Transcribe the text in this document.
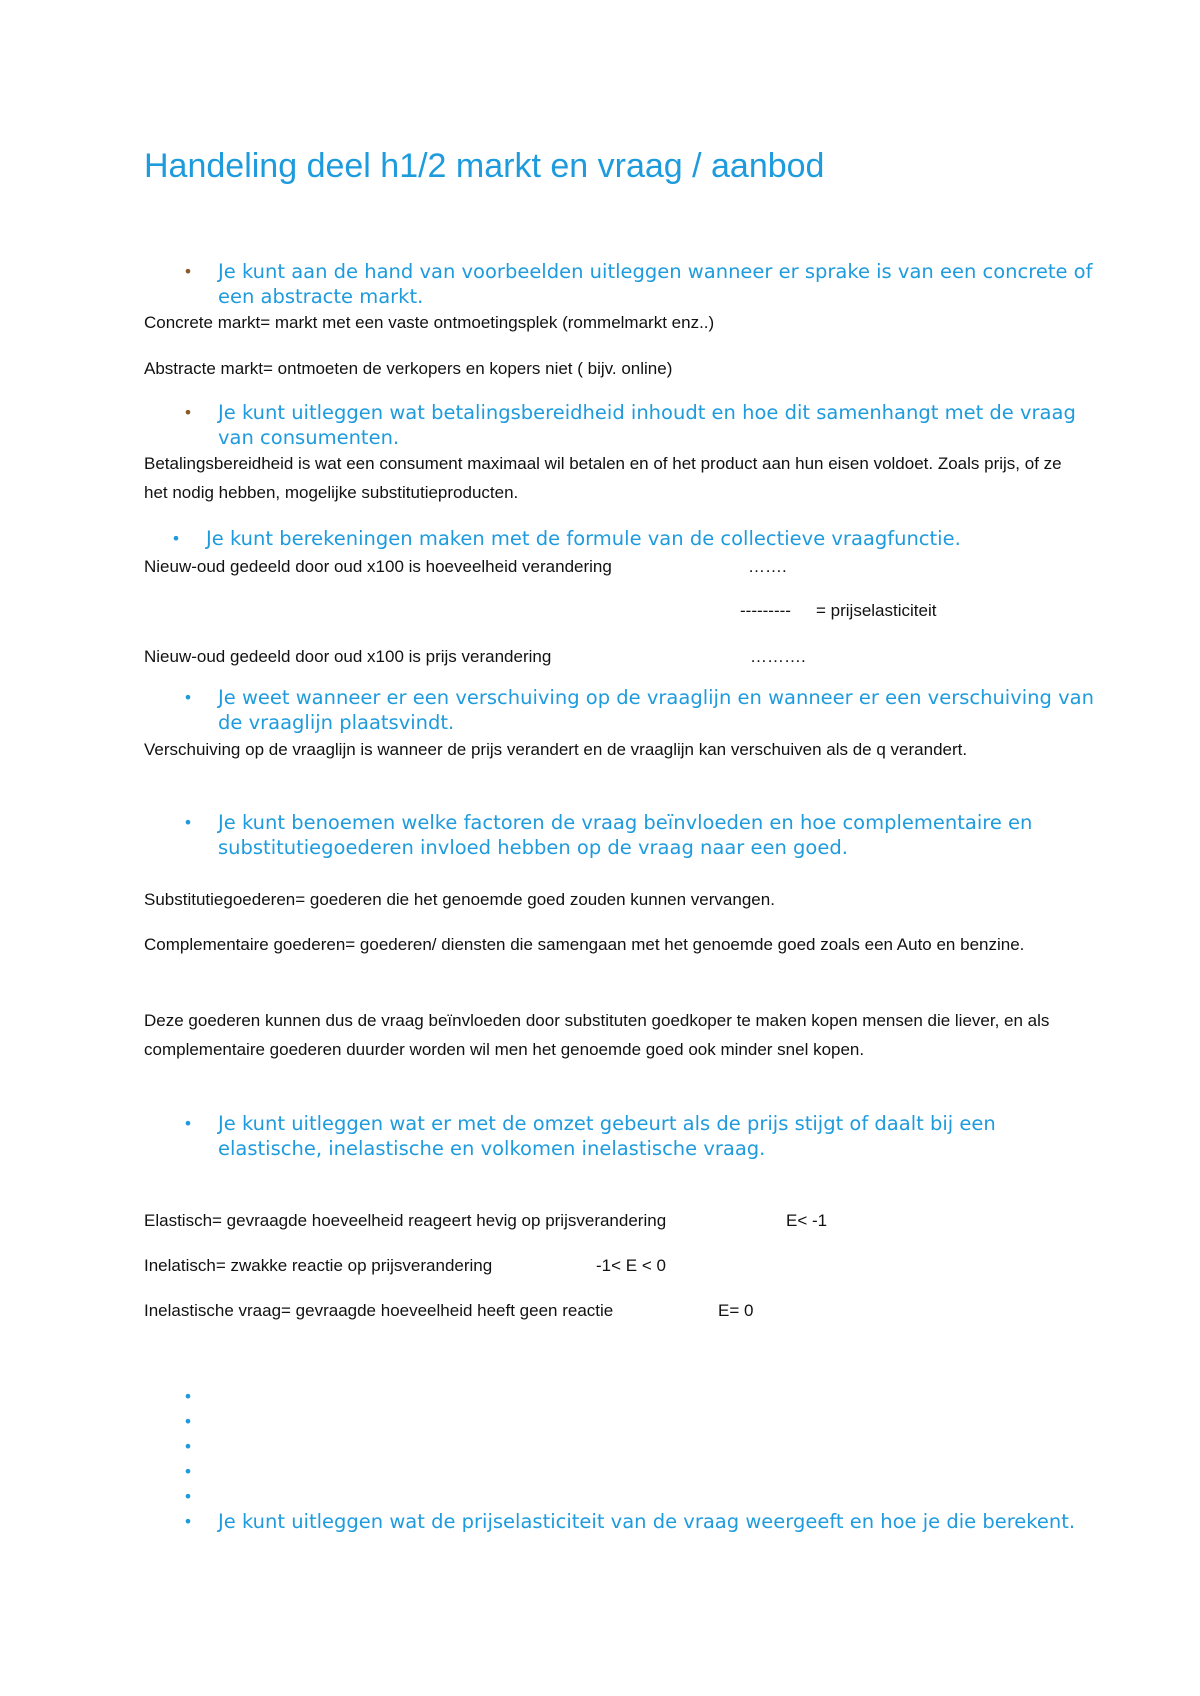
Handeling deel h1/2 markt en vraag / aanbod
• Je kunt aan de hand van voorbeelden uitleggen wanneer er sprake is van een concrete of een abstracte markt.

Concrete markt= markt met een vaste ontmoetingsplek (rommelmarkt enz..)

Abstracte markt= ontmoeten de verkopers en kopers niet ( bijv. online)

• Je kunt uitleggen wat betalingsbereidheid inhoudt en hoe dit samenhangt met de vraag van consumenten.

Betalingsbereidheid is wat een consument maximaal wil betalen en of het product aan hun eisen voldoet. Zoals prijs, of ze het nodig hebben, mogelijke substitutieproducten.

• Je kunt berekeningen maken met de formule van de collectieve vraagfunctie.

Nieuw-oud gedeeld door oud x100 is hoeveelheid verandering	…….
--------- = prijselasticiteit

Nieuw-oud gedeeld door oud x100 is prijs verandering	……….
• Je weet wanneer er een verschuiving op de vraaglijn en wanneer er een verschuiving van de vraaglijn plaatsvindt.

Verschuiving op de vraaglijn is wanneer de prijs verandert en de vraaglijn kan verschuiven als de q verandert.

• Je kunt benoemen welke factoren de vraag beïnvloeden en hoe complementaire en substitutiegoederen invloed hebben op de vraag naar een goed.

Substitutiegoederen= goederen die het genoemde goed zouden kunnen vervangen.

Complementaire goederen= goederen/ diensten die samengaan met het genoemde goed zoals een Auto en benzine.

Deze goederen kunnen dus de vraag beïnvloeden door substituten goedkoper te maken kopen mensen die liever, en als complementaire goederen duurder worden wil men het genoemde goed ook minder snel kopen.

• Je kunt uitleggen wat er met de omzet gebeurt als de prijs stijgt of daalt bij een elastische, inelastische en volkomen inelastische vraag.

Elastisch= gevraagde hoeveelheid reageert hevig op prijsverandering	E< -1

Inelatisch= zwakke reactie op prijsverandering	-1< E < 0

Inelastische vraag= gevraagde hoeveelheid heeft geen reactie	E= 0
•
•
•
•
•
• Je kunt uitleggen wat de prijselasticiteit van de vraag weergeeft en hoe je die berekent.
